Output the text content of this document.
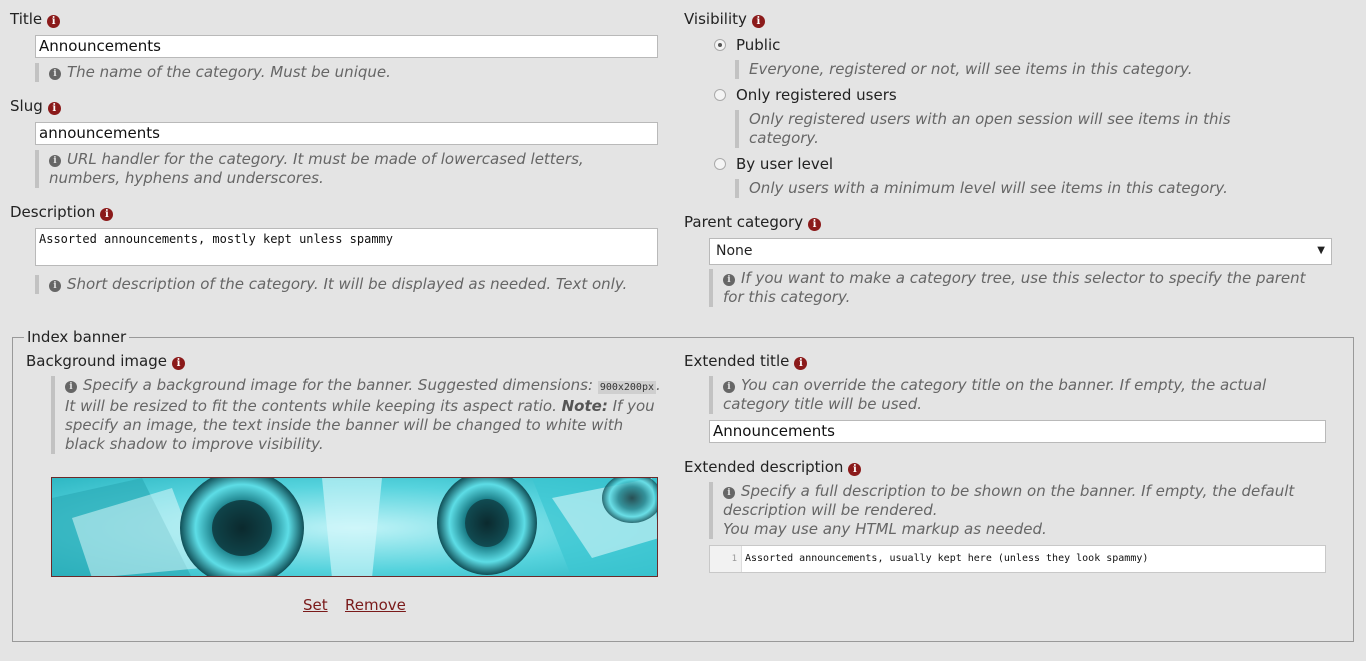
Title i
Announcements
i The name of the category. Must be unique.
Slug i
announcements
i URL handler for the category. It must be made of lowercased letters, numbers, hyphens and underscores.
Description i
Assorted announcements, mostly kept unless spammy
i Short description of the category. It will be displayed as needed. Text only.
Visibility i
Public
Everyone, registered or not, will see items in this category.
Only registered users
Only registered users with an open session will see items in this category.
By user level
Only users with a minimum level will see items in this category.
Parent category i
None	▼
i If you want to make a category tree, use this selector to specify the parent for this category.
Index banner
Background image i
i Specify a background image for the banner. Suggested dimensions: 900x200px . It will be resized to fit the contents while keeping its aspect ratio. Note: If you specify an image, the text inside the banner will be changed to white with black shadow to improve visibility.
Set Remove
Extended title i
i You can override the category title on the banner. If empty, the actual category title will be used.
Announcements
Extended description i
i Specify a full description to be shown on the banner. If empty, the default description will be rendered.
You may use any HTML markup as needed.
1 Assorted announcements, usually kept here (unless they look spammy)
